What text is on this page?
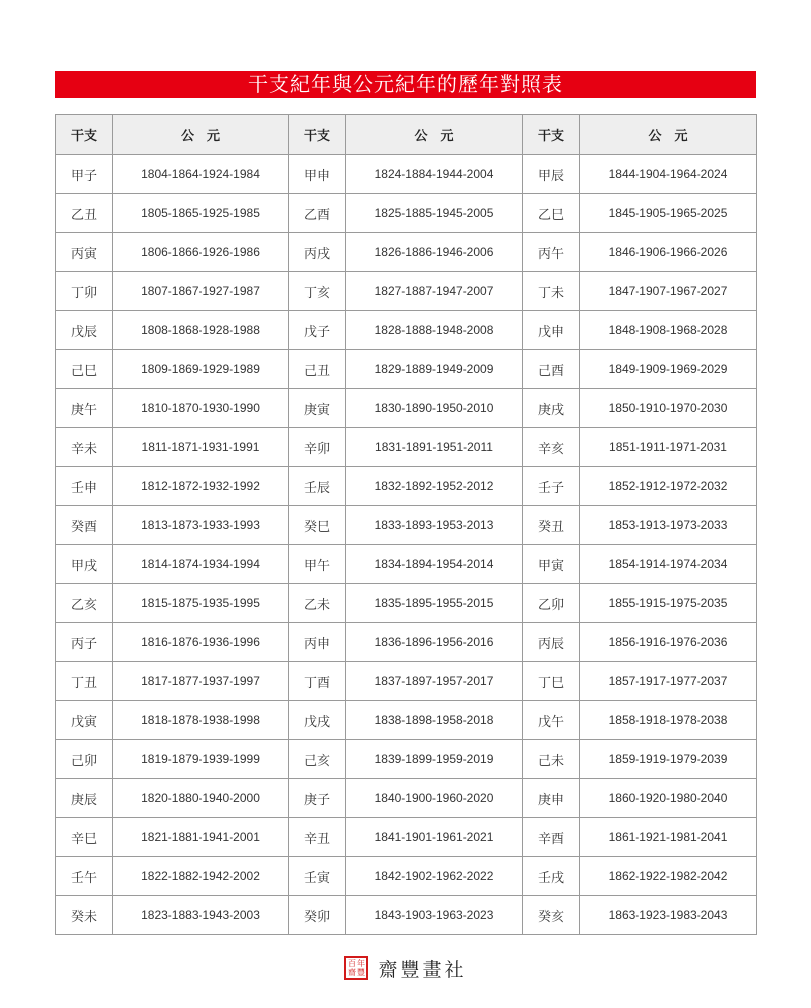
干支紀年與公元紀年的歷年對照表
干支	公　元	干支	公　元	干支	公　元
甲子	1804-1864-1924-1984	甲申	1824-1884-1944-2004	甲辰	1844-1904-1964-2024
乙丑	1805-1865-1925-1985	乙酉	1825-1885-1945-2005	乙巳	1845-1905-1965-2025
丙寅	1806-1866-1926-1986	丙戌	1826-1886-1946-2006	丙午	1846-1906-1966-2026
丁卯	1807-1867-1927-1987	丁亥	1827-1887-1947-2007	丁未	1847-1907-1967-2027
戊辰	1808-1868-1928-1988	戊子	1828-1888-1948-2008	戊申	1848-1908-1968-2028
己巳	1809-1869-1929-1989	己丑	1829-1889-1949-2009	己酉	1849-1909-1969-2029
庚午	1810-1870-1930-1990	庚寅	1830-1890-1950-2010	庚戌	1850-1910-1970-2030
辛未	1811-1871-1931-1991	辛卯	1831-1891-1951-2011	辛亥	1851-1911-1971-2031
壬申	1812-1872-1932-1992	壬辰	1832-1892-1952-2012	壬子	1852-1912-1972-2032
癸酉	1813-1873-1933-1993	癸巳	1833-1893-1953-2013	癸丑	1853-1913-1973-2033
甲戌	1814-1874-1934-1994	甲午	1834-1894-1954-2014	甲寅	1854-1914-1974-2034
乙亥	1815-1875-1935-1995	乙未	1835-1895-1955-2015	乙卯	1855-1915-1975-2035
丙子	1816-1876-1936-1996	丙申	1836-1896-1956-2016	丙辰	1856-1916-1976-2036
丁丑	1817-1877-1937-1997	丁酉	1837-1897-1957-2017	丁巳	1857-1917-1977-2037
戊寅	1818-1878-1938-1998	戊戌	1838-1898-1958-2018	戊午	1858-1918-1978-2038
己卯	1819-1879-1939-1999	己亥	1839-1899-1959-2019	己未	1859-1919-1979-2039
庚辰	1820-1880-1940-2000	庚子	1840-1900-1960-2020	庚申	1860-1920-1980-2040
辛巳	1821-1881-1941-2001	辛丑	1841-1901-1961-2021	辛酉	1861-1921-1981-2041
壬午	1822-1882-1942-2002	壬寅	1842-1902-1962-2022	壬戌	1862-1922-1982-2042
癸未	1823-1883-1943-2003	癸卯	1843-1903-1963-2023	癸亥	1863-1923-1983-2043
百 年
齋 豐 齋豐畫社
